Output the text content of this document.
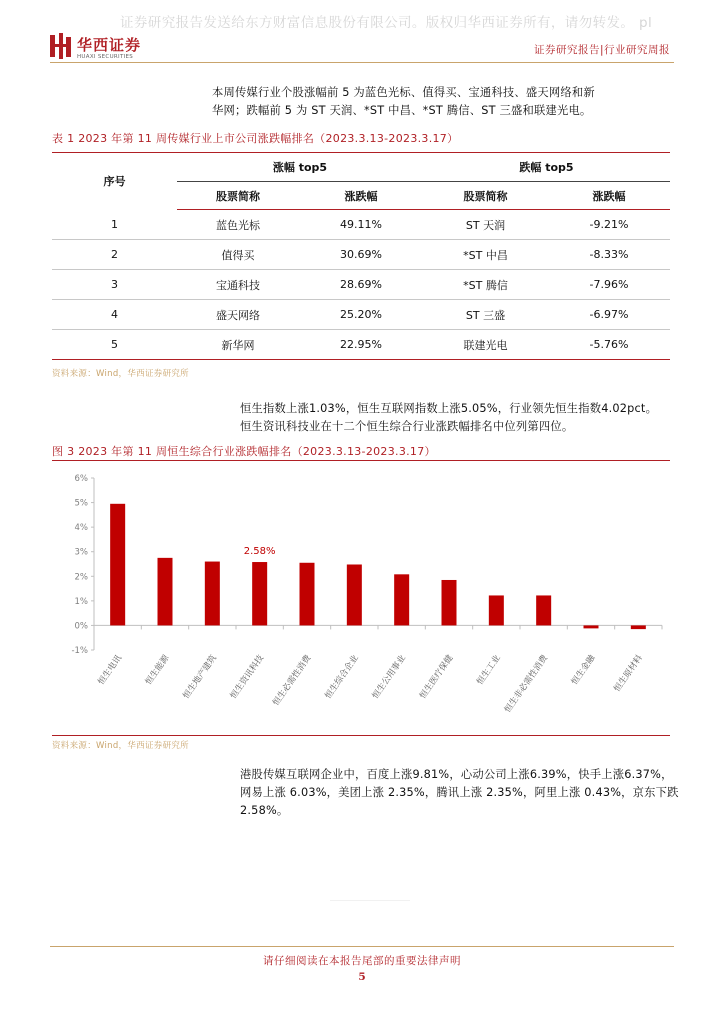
证券研究报告发送给东方财富信息股份有限公司。版权归华西证券所有，请勿转发。 pl
华西证券
HUAXI SECURITIES
证券研究报告|行业研究周报
本周传媒行业个股涨幅前 5 为蓝色光标、值得买、宝通科技、盛天网络和新
华网；跌幅前 5 为 ST 天润、*ST 中昌、*ST 腾信、ST 三盛和联建光电。
表 1 2023 年第 11 周传媒行业上市公司涨跌幅排名（2023.3.13-2023.3.17）
序号	涨幅 top5		跌幅 top5	
	股票简称	涨跌幅	股票简称	涨跌幅
1	蓝色光标	49.11%	ST 天润	-9.21%
2	值得买	30.69%	*ST 中昌	-8.33%
3	宝通科技	28.69%	*ST 腾信	-7.96%
4	盛天网络	25.20%	ST 三盛	-6.97%
5	新华网	22.95%	联建光电	-5.76%
资料来源：Wind，华西证券研究所
恒生指数上涨1.03%，恒生互联网指数上涨5.05%，行业领先恒生指数4.02pct。
恒生资讯科技业在十二个恒生综合行业涨跌幅排名中位列第四位。
图 3 2023 年第 11 周恒生综合行业涨跌幅排名（2023.3.13-2023.3.17）
-1%
0%
1%
2%
3%
4%
5%
6%
恒生电讯 恒生能源 恒生地产建筑 恒生资讯科技 恒生必需性消费 恒生综合企业 恒生公用事业 恒生医疗保健 恒生工业 恒生非必需性消费 恒生金融 恒生原材料
2.58%
资料来源：Wind，华西证券研究所
港股传媒互联网企业中，百度上涨9.81%，心动公司上涨6.39%，快手上涨6.37%，
网易上涨 6.03%，美团上涨 2.35%，腾讯上涨 2.35%，阿里上涨 0.43%，京东下跌
2.58%。
请仔细阅读在本报告尾部的重要法律声明
5
